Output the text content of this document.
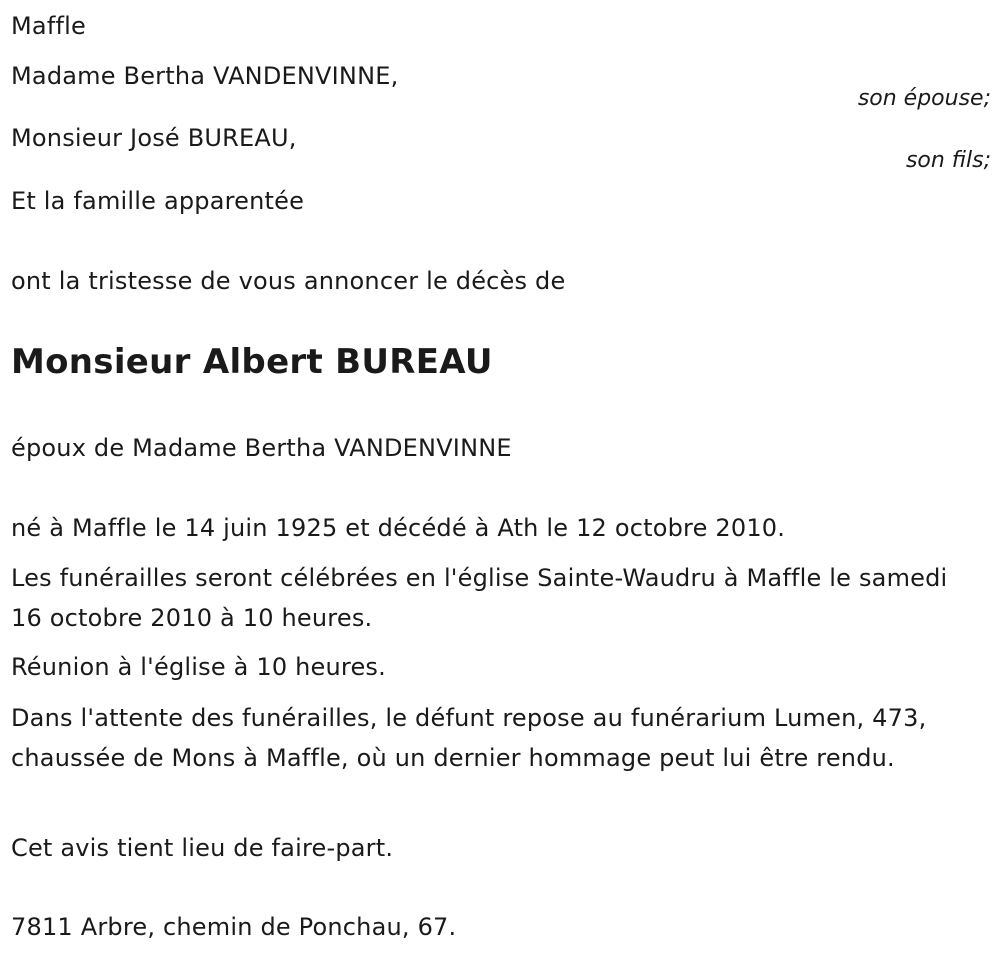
Maffle
Madame Bertha VANDENVINNE,
son épouse;
Monsieur José BUREAU,
son fils;
Et la famille apparentée
ont la tristesse de vous annoncer le décès de
Monsieur Albert BUREAU
époux de Madame Bertha VANDENVINNE
né à Maffle le 14 juin 1925 et décédé à Ath le 12 octobre 2010.
Les funérailles seront célébrées en l'église Sainte-Waudru à Maffle le samedi 16 octobre 2010 à 10 heures.
Réunion à l'église à 10 heures.
Dans l'attente des funérailles, le défunt repose au funérarium Lumen, 473, chaussée de Mons à Maffle, où un dernier hommage peut lui être rendu.
Cet avis tient lieu de faire-part.
7811 Arbre, chemin de Ponchau, 67.
